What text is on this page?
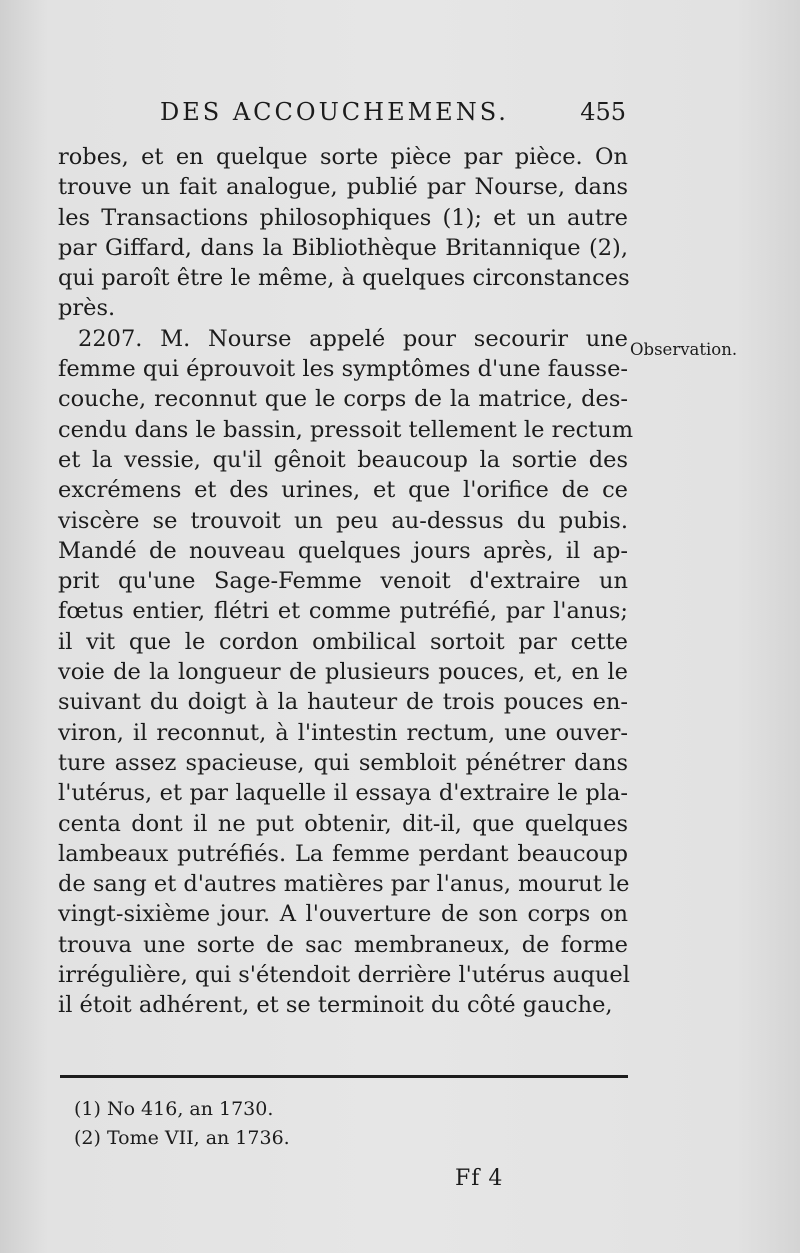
DES ACCOUCHEMENS.	455
robes, et en quelque sorte pièce par pièce. On
trouve un fait analogue, publié par Nourse, dans
les Transactions philosophiques (1); et un autre
par Giffard, dans la Bibliothèque Britannique (2),
qui paroît être le même, à quelques circonstances
près.
2207. M. Nourse appelé pour secourir une
femme qui éprouvoit les symptômes d'une fausse-
couche, reconnut que le corps de la matrice, des-
cendu dans le bassin, pressoit tellement le rectum
et la vessie, qu'il gênoit beaucoup la sortie des
excrémens et des urines, et que l'orifice de ce
viscère se trouvoit un peu au-dessus du pubis.
Mandé de nouveau quelques jours après, il ap-
prit qu'une Sage-Femme venoit d'extraire un
fœtus entier, flétri et comme putréfié, par l'anus;
il vit que le cordon ombilical sortoit par cette
voie de la longueur de plusieurs pouces, et, en le
suivant du doigt à la hauteur de trois pouces en-
viron, il reconnut, à l'intestin rectum, une ouver-
ture assez spacieuse, qui sembloit pénétrer dans
l'utérus, et par laquelle il essaya d'extraire le pla-
centa dont il ne put obtenir, dit-il, que quelques
lambeaux putréfiés. La femme perdant beaucoup
de sang et d'autres matières par l'anus, mourut le
vingt-sixième jour. A l'ouverture de son corps on
trouva une sorte de sac membraneux, de forme
irrégulière, qui s'étendoit derrière l'utérus auquel
il étoit adhérent, et se terminoit du côté gauche,
Observation.
(1) No 416, an 1730.
(2) Tome VII, an 1736.
Ff 4
